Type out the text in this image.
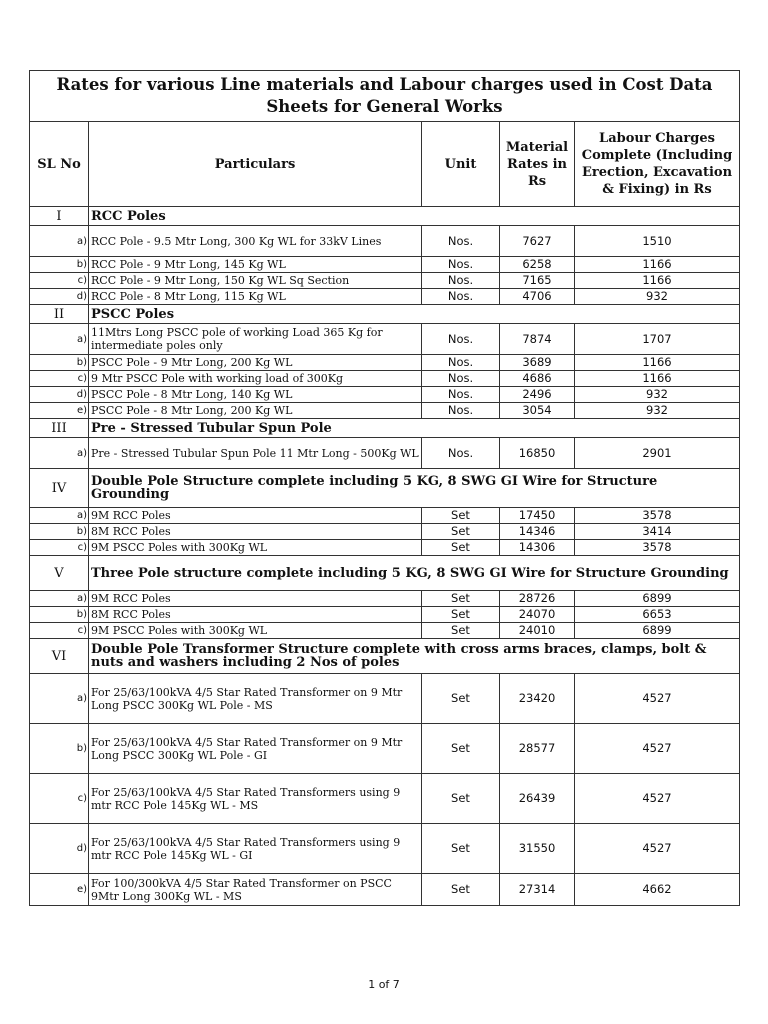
Rates for various Line materials and Labour charges used in Cost Data Sheets for General Works				
SL No	Particulars	Unit	Material Rates in Rs	Labour Charges Complete (Including Erection, Excavation & Fixing) in Rs
I	RCC Poles			
a)	RCC Pole - 9.5 Mtr Long, 300 Kg WL for 33kV Lines	Nos.	7627	1510
b)	RCC Pole - 9 Mtr Long, 145 Kg WL	Nos.	6258	1166
c)	RCC Pole - 9 Mtr Long, 150 Kg WL Sq Section	Nos.	7165	1166
d)	RCC Pole - 8 Mtr Long, 115 Kg WL	Nos.	4706	932
II	PSCC Poles			
a)	11Mtrs Long PSCC pole of working Load 365 Kg for intermediate poles only	Nos.	7874	1707
b)	PSCC Pole - 9 Mtr Long, 200 Kg WL	Nos.	3689	1166
c)	9 Mtr PSCC Pole with working load of 300Kg	Nos.	4686	1166
d)	PSCC Pole - 8 Mtr Long, 140 Kg WL	Nos.	2496	932
e)	PSCC Pole - 8 Mtr Long, 200 Kg WL	Nos.	3054	932
III	Pre - Stressed Tubular Spun Pole			
a)	Pre - Stressed Tubular Spun Pole 11 Mtr Long - 500Kg WL	Nos.	16850	2901
IV	Double Pole Structure complete including 5 KG, 8 SWG GI Wire for Structure Grounding			
a)	9M RCC Poles	Set	17450	3578
b)	8M RCC Poles	Set	14346	3414
c)	9M PSCC Poles with 300Kg WL	Set	14306	3578
V	Three Pole structure complete including 5 KG, 8 SWG GI Wire for Structure Grounding			
a)	9M RCC Poles	Set	28726	6899
b)	8M RCC Poles	Set	24070	6653
c)	9M PSCC Poles with 300Kg WL	Set	24010	6899
VI	Double Pole Transformer Structure complete with cross arms braces, clamps, bolt & nuts and washers including 2 Nos of poles			
a)	For 25/63/100kVA 4/5 Star Rated Transformer on 9 Mtr Long PSCC 300Kg WL Pole - MS	Set	23420	4527
b)	For 25/63/100kVA 4/5 Star Rated Transformer on 9 Mtr Long PSCC 300Kg WL Pole - GI	Set	28577	4527
c)	For 25/63/100kVA 4/5 Star Rated Transformers using 9 mtr RCC Pole 145Kg WL - MS	Set	26439	4527
d)	For 25/63/100kVA 4/5 Star Rated Transformers using 9 mtr RCC Pole 145Kg WL - GI	Set	31550	4527
e)	For 100/300kVA 4/5 Star Rated Transformer on PSCC 9Mtr Long 300Kg WL - MS	Set	27314	4662
1 of 7
